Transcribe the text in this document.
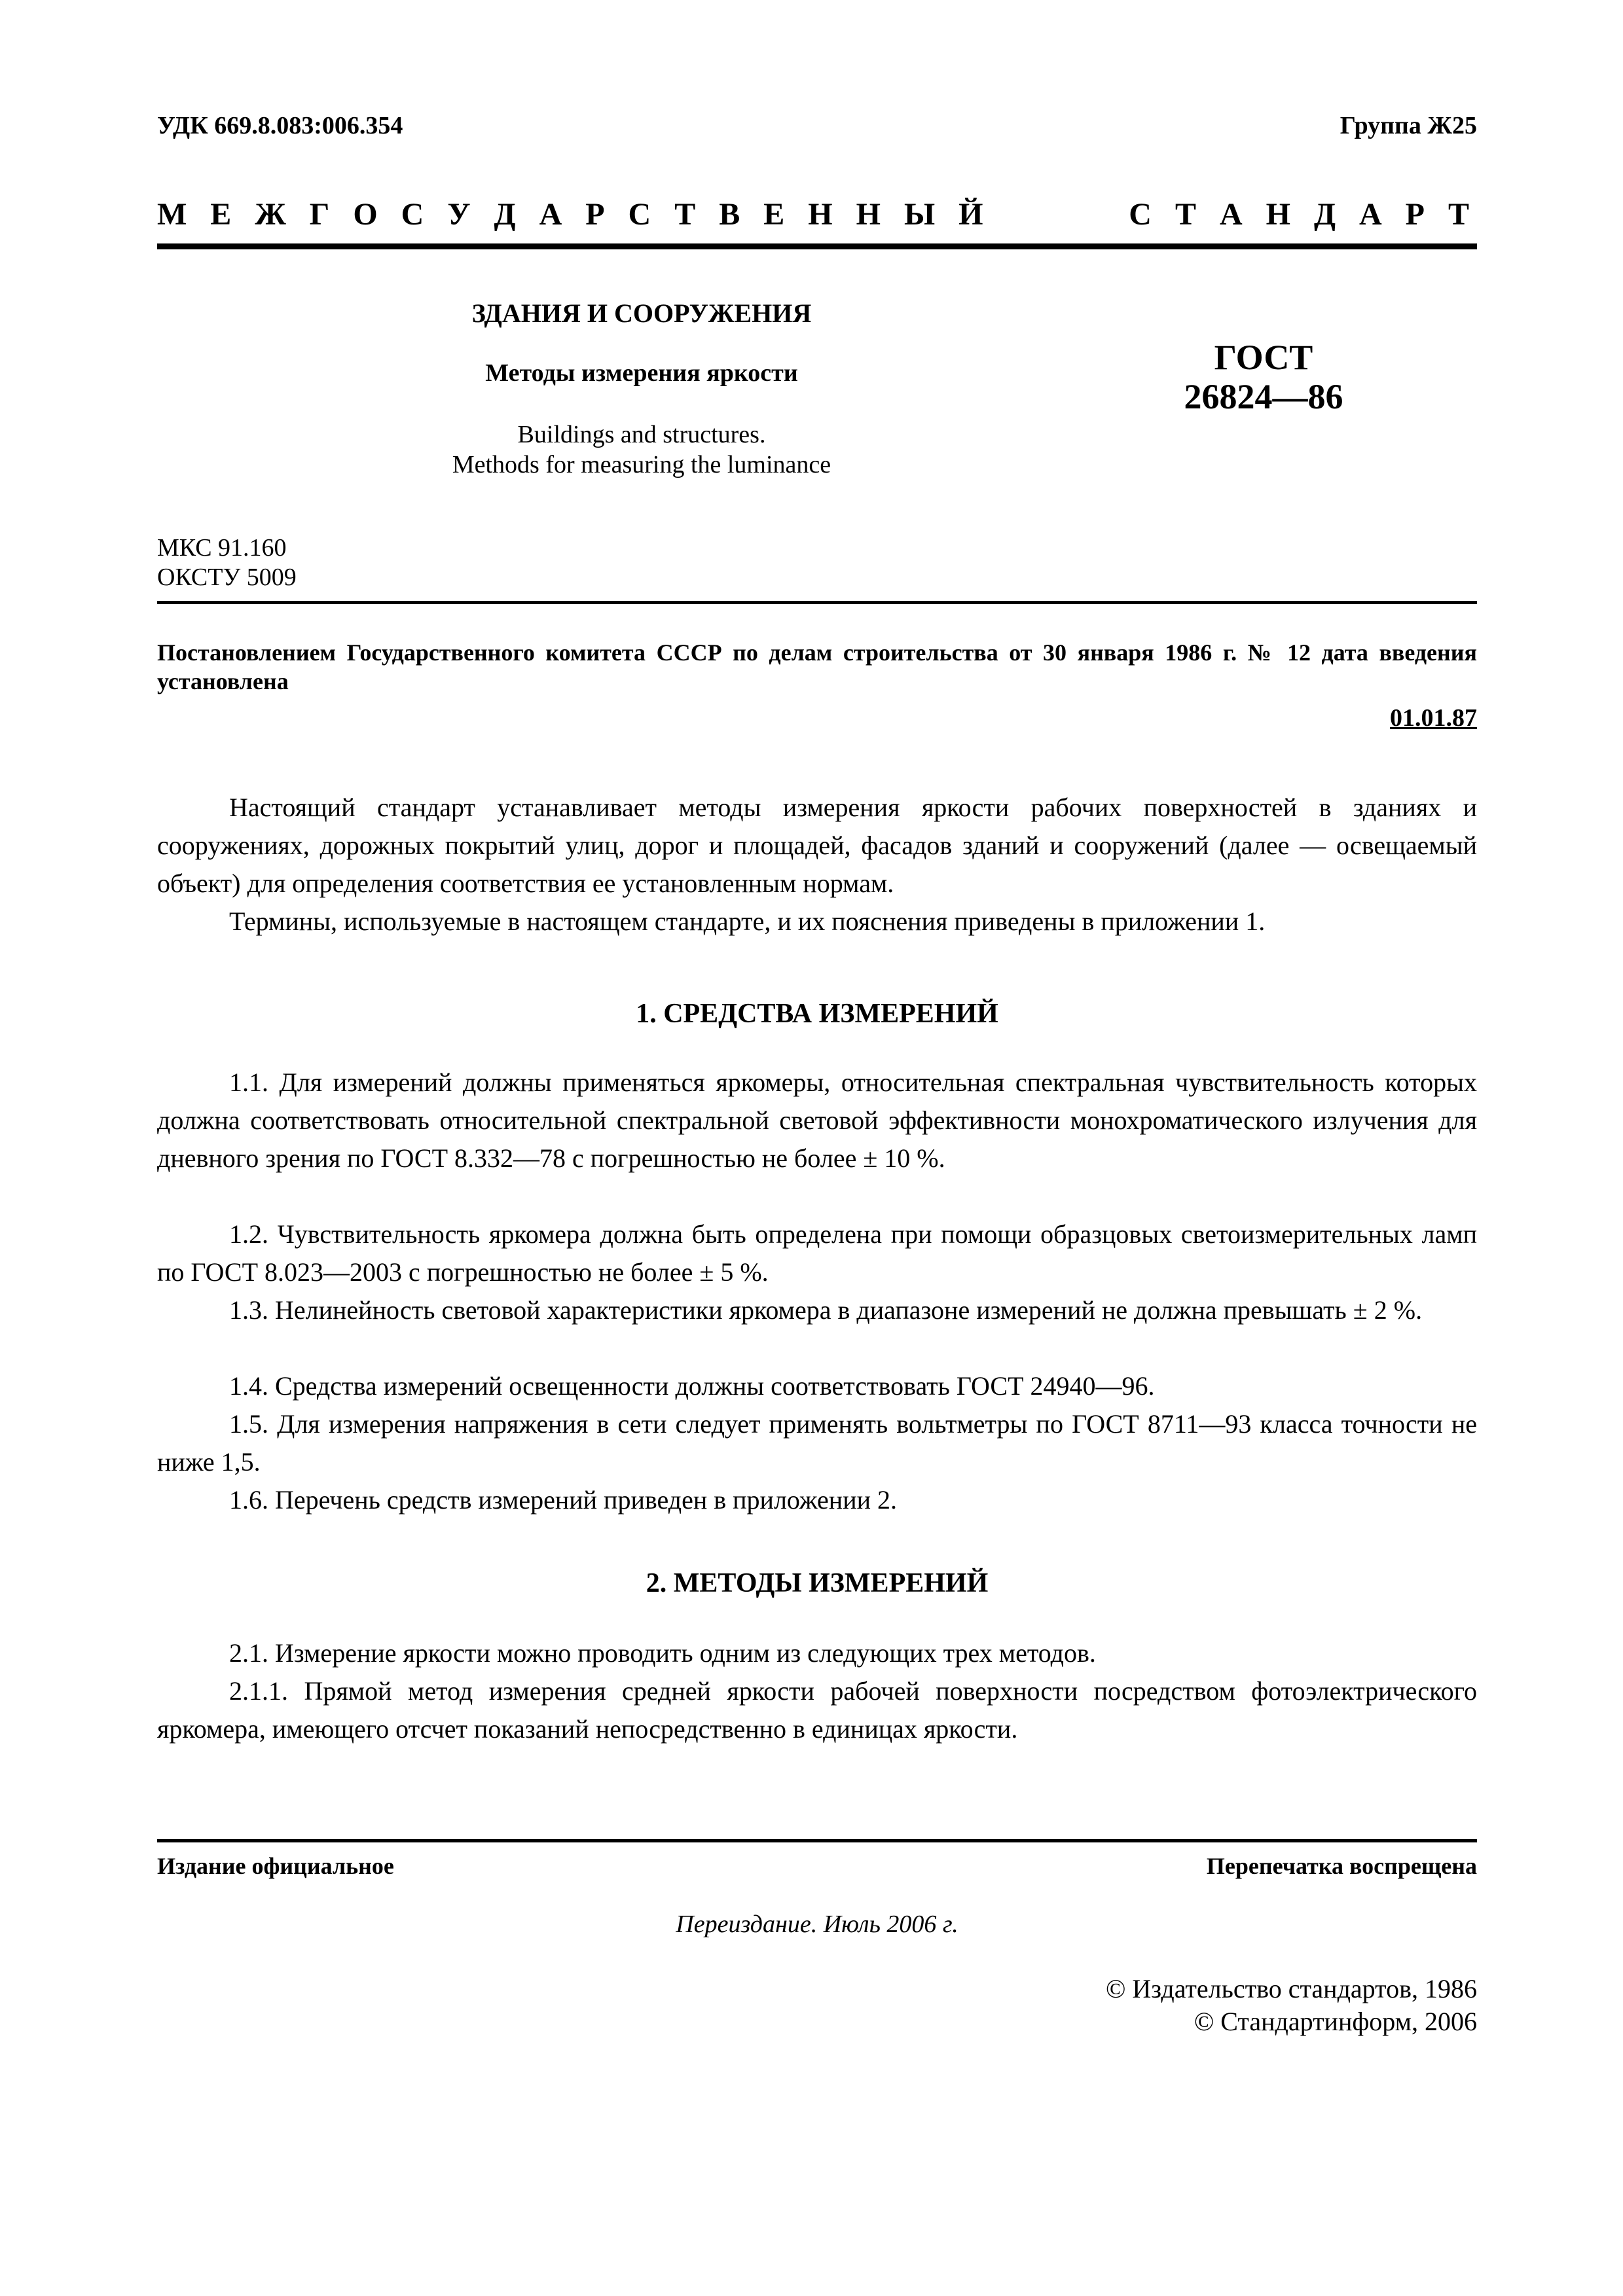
УДК 669.8.083:006.354	Группа Ж25
М Е Ж Г О С У Д А Р С Т В Е Н Н Ы Й	С Т А Н Д А Р Т
ЗДАНИЯ И СООРУЖЕНИЯ
Методы измерения яркости
Buildings and structures.
Methods for measuring the luminance
ГОСТ
26824—86
МКС 91.160
ОКСТУ 5009

Постановлением Государственного комитета СССР по делам строительства от 30 января 1986 г. № 12 дата введения установлена

01.01.87

Настоящий стандарт устанавливает методы измерения яркости рабочих поверхностей в зданиях и сооружениях, дорожных покрытий улиц, дорог и площадей, фасадов зданий и сооружений (далее — освещаемый объект) для определения соответствия ее установленным нормам.

Термины, используемые в настоящем стандарте, и их пояснения приведены в приложении 1.

1. СРЕДСТВА ИЗМЕРЕНИЙ

1.1. Для измерений должны применяться яркомеры, относительная спектральная чувствительность которых должна соответствовать относительной спектральной световой эффективности монохроматического излучения для дневного зрения по ГОСТ 8.332—78 с погрешностью не более ± 10 %.

1.2. Чувствительность яркомера должна быть определена при помощи образцовых светоизмерительных ламп по ГОСТ 8.023—2003 с погрешностью не более ± 5 %.

1.3. Нелинейность световой характеристики яркомера в диапазоне измерений не должна превышать ± 2 %.

1.4. Средства измерений освещенности должны соответствовать ГОСТ 24940—96.

1.5. Для измерения напряжения в сети следует применять вольтметры по ГОСТ 8711—93 класса точности не ниже 1,5.

1.6. Перечень средств измерений приведен в приложении 2.

2. МЕТОДЫ ИЗМЕРЕНИЙ

2.1. Измерение яркости можно проводить одним из следующих трех методов.

2.1.1. Прямой метод измерения средней яркости рабочей поверхности посредством фотоэлектрического яркомера, имеющего отсчет показаний непосредственно в единицах яркости.

Издание официальное	Перепечатка воспрещена
Переиздание. Июль 2006 г.
© Издательство стандартов, 1986
© Стандартинформ, 2006
